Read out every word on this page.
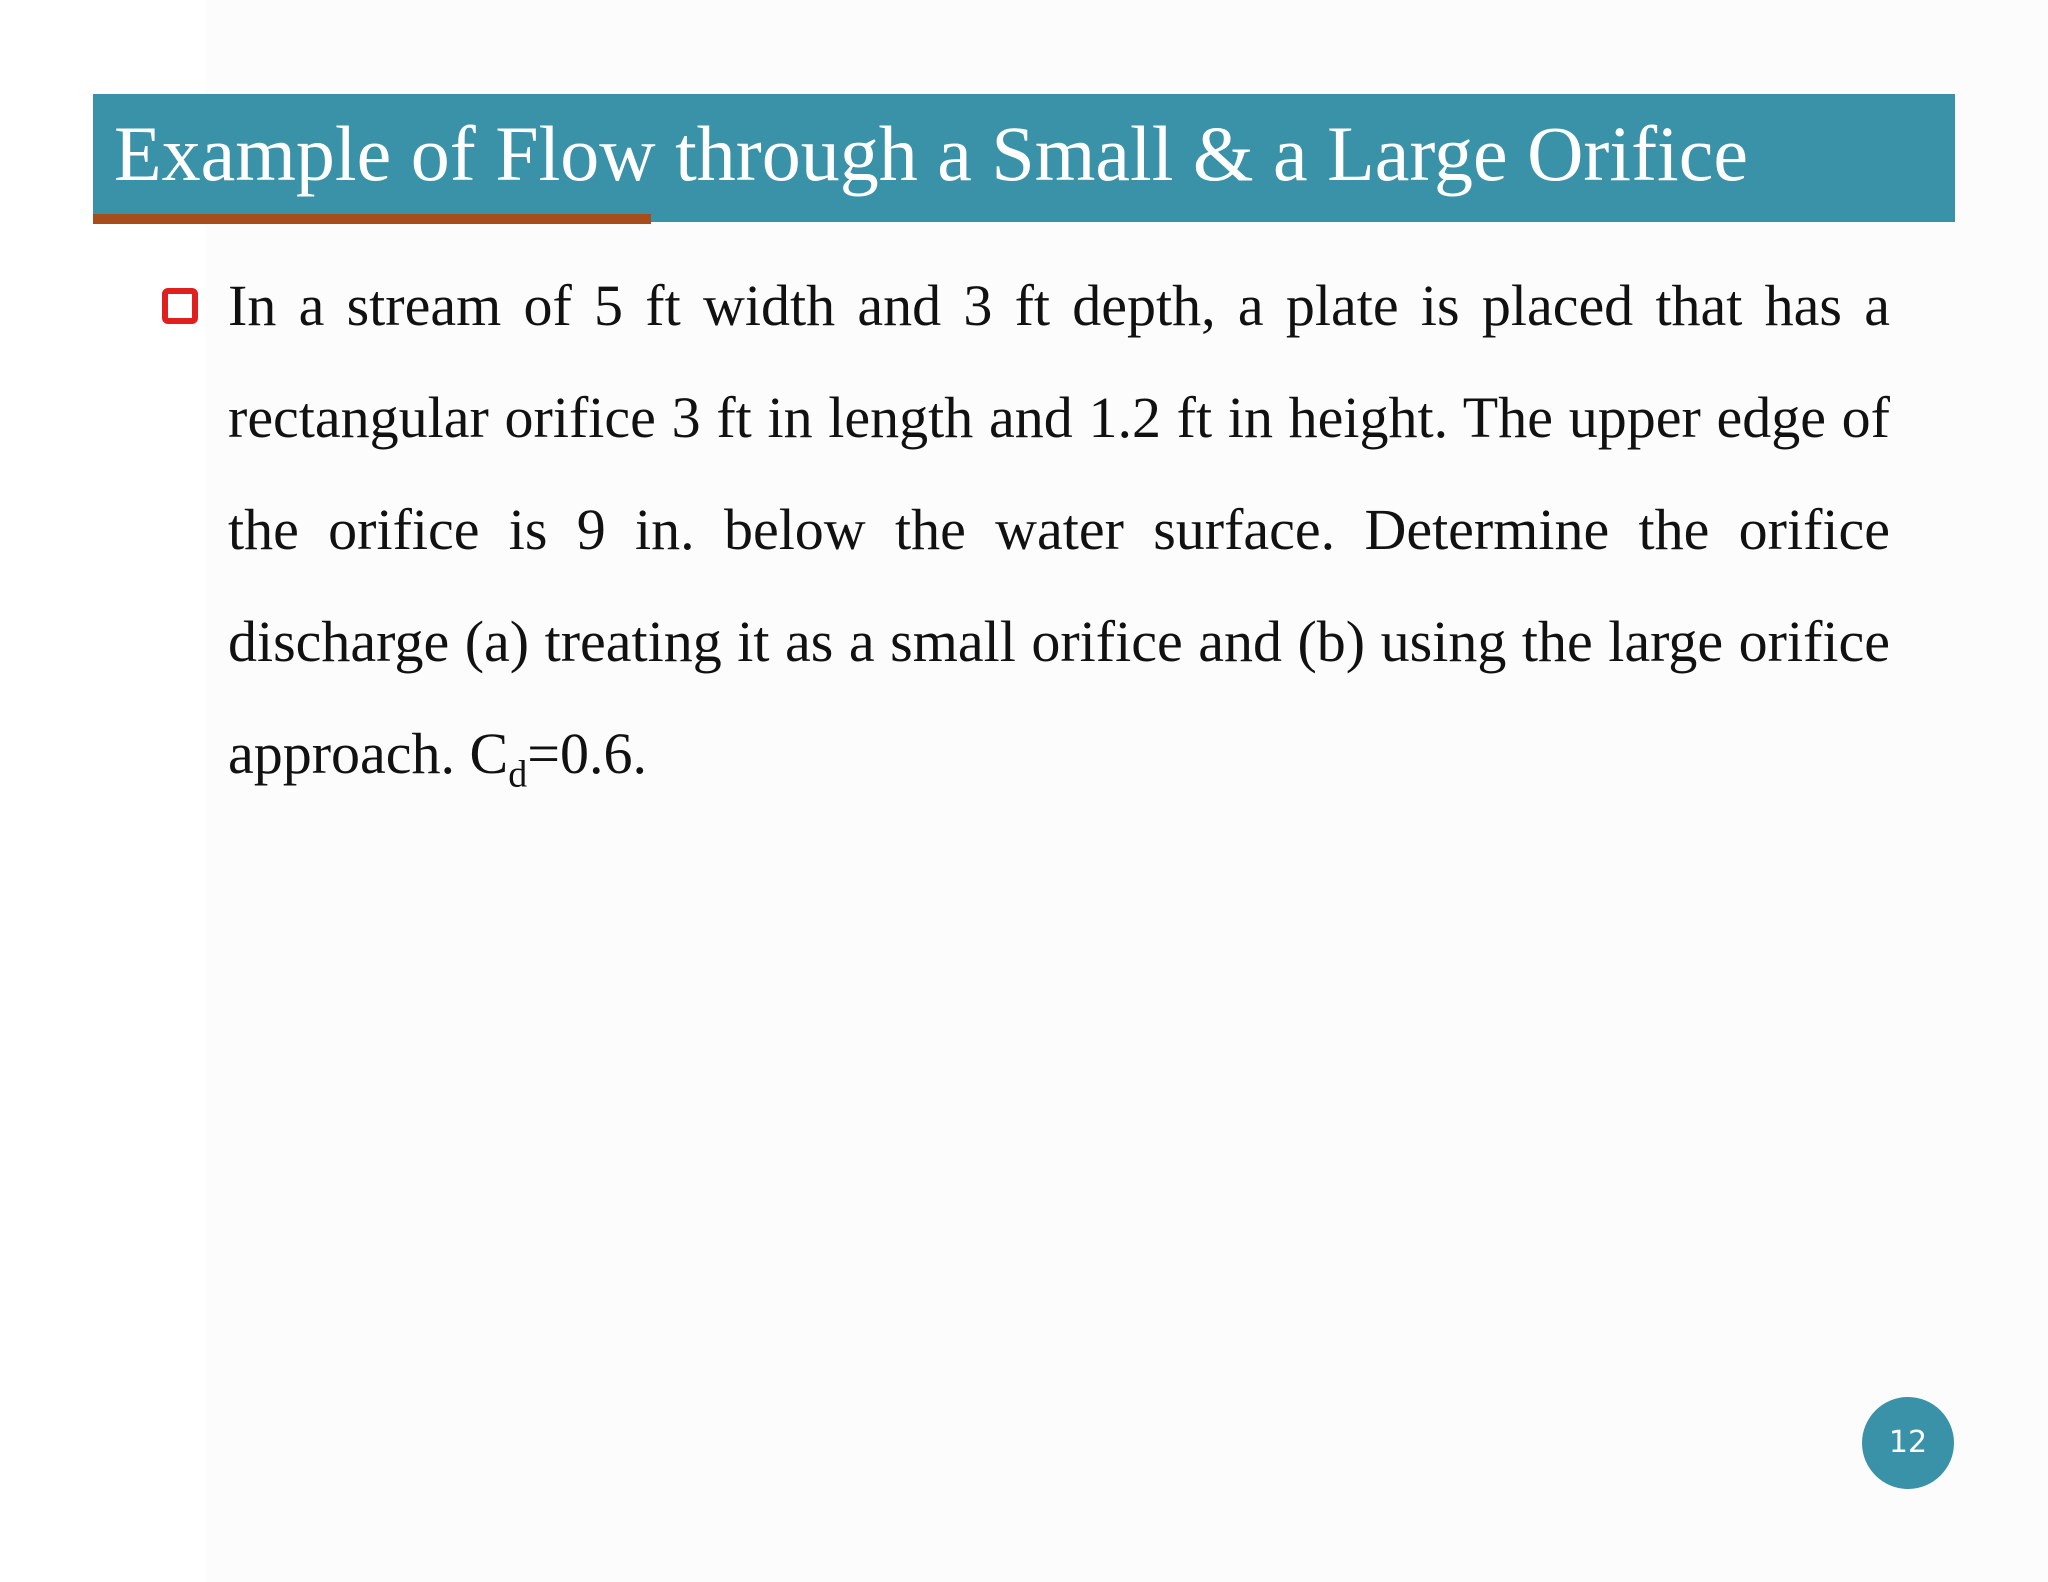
Example of Flow through a Small & a Large Orifice
In a stream of 5 ft width and 3 ft depth, a plate is placed that has a rectangular orifice 3 ft in length and 1.2 ft in height. The upper edge of the orifice is 9 in. below the water surface. Determine the orifice discharge (a) treating it as a small orifice and (b) using the large orifice approach. $C_d=0.6$.
12
